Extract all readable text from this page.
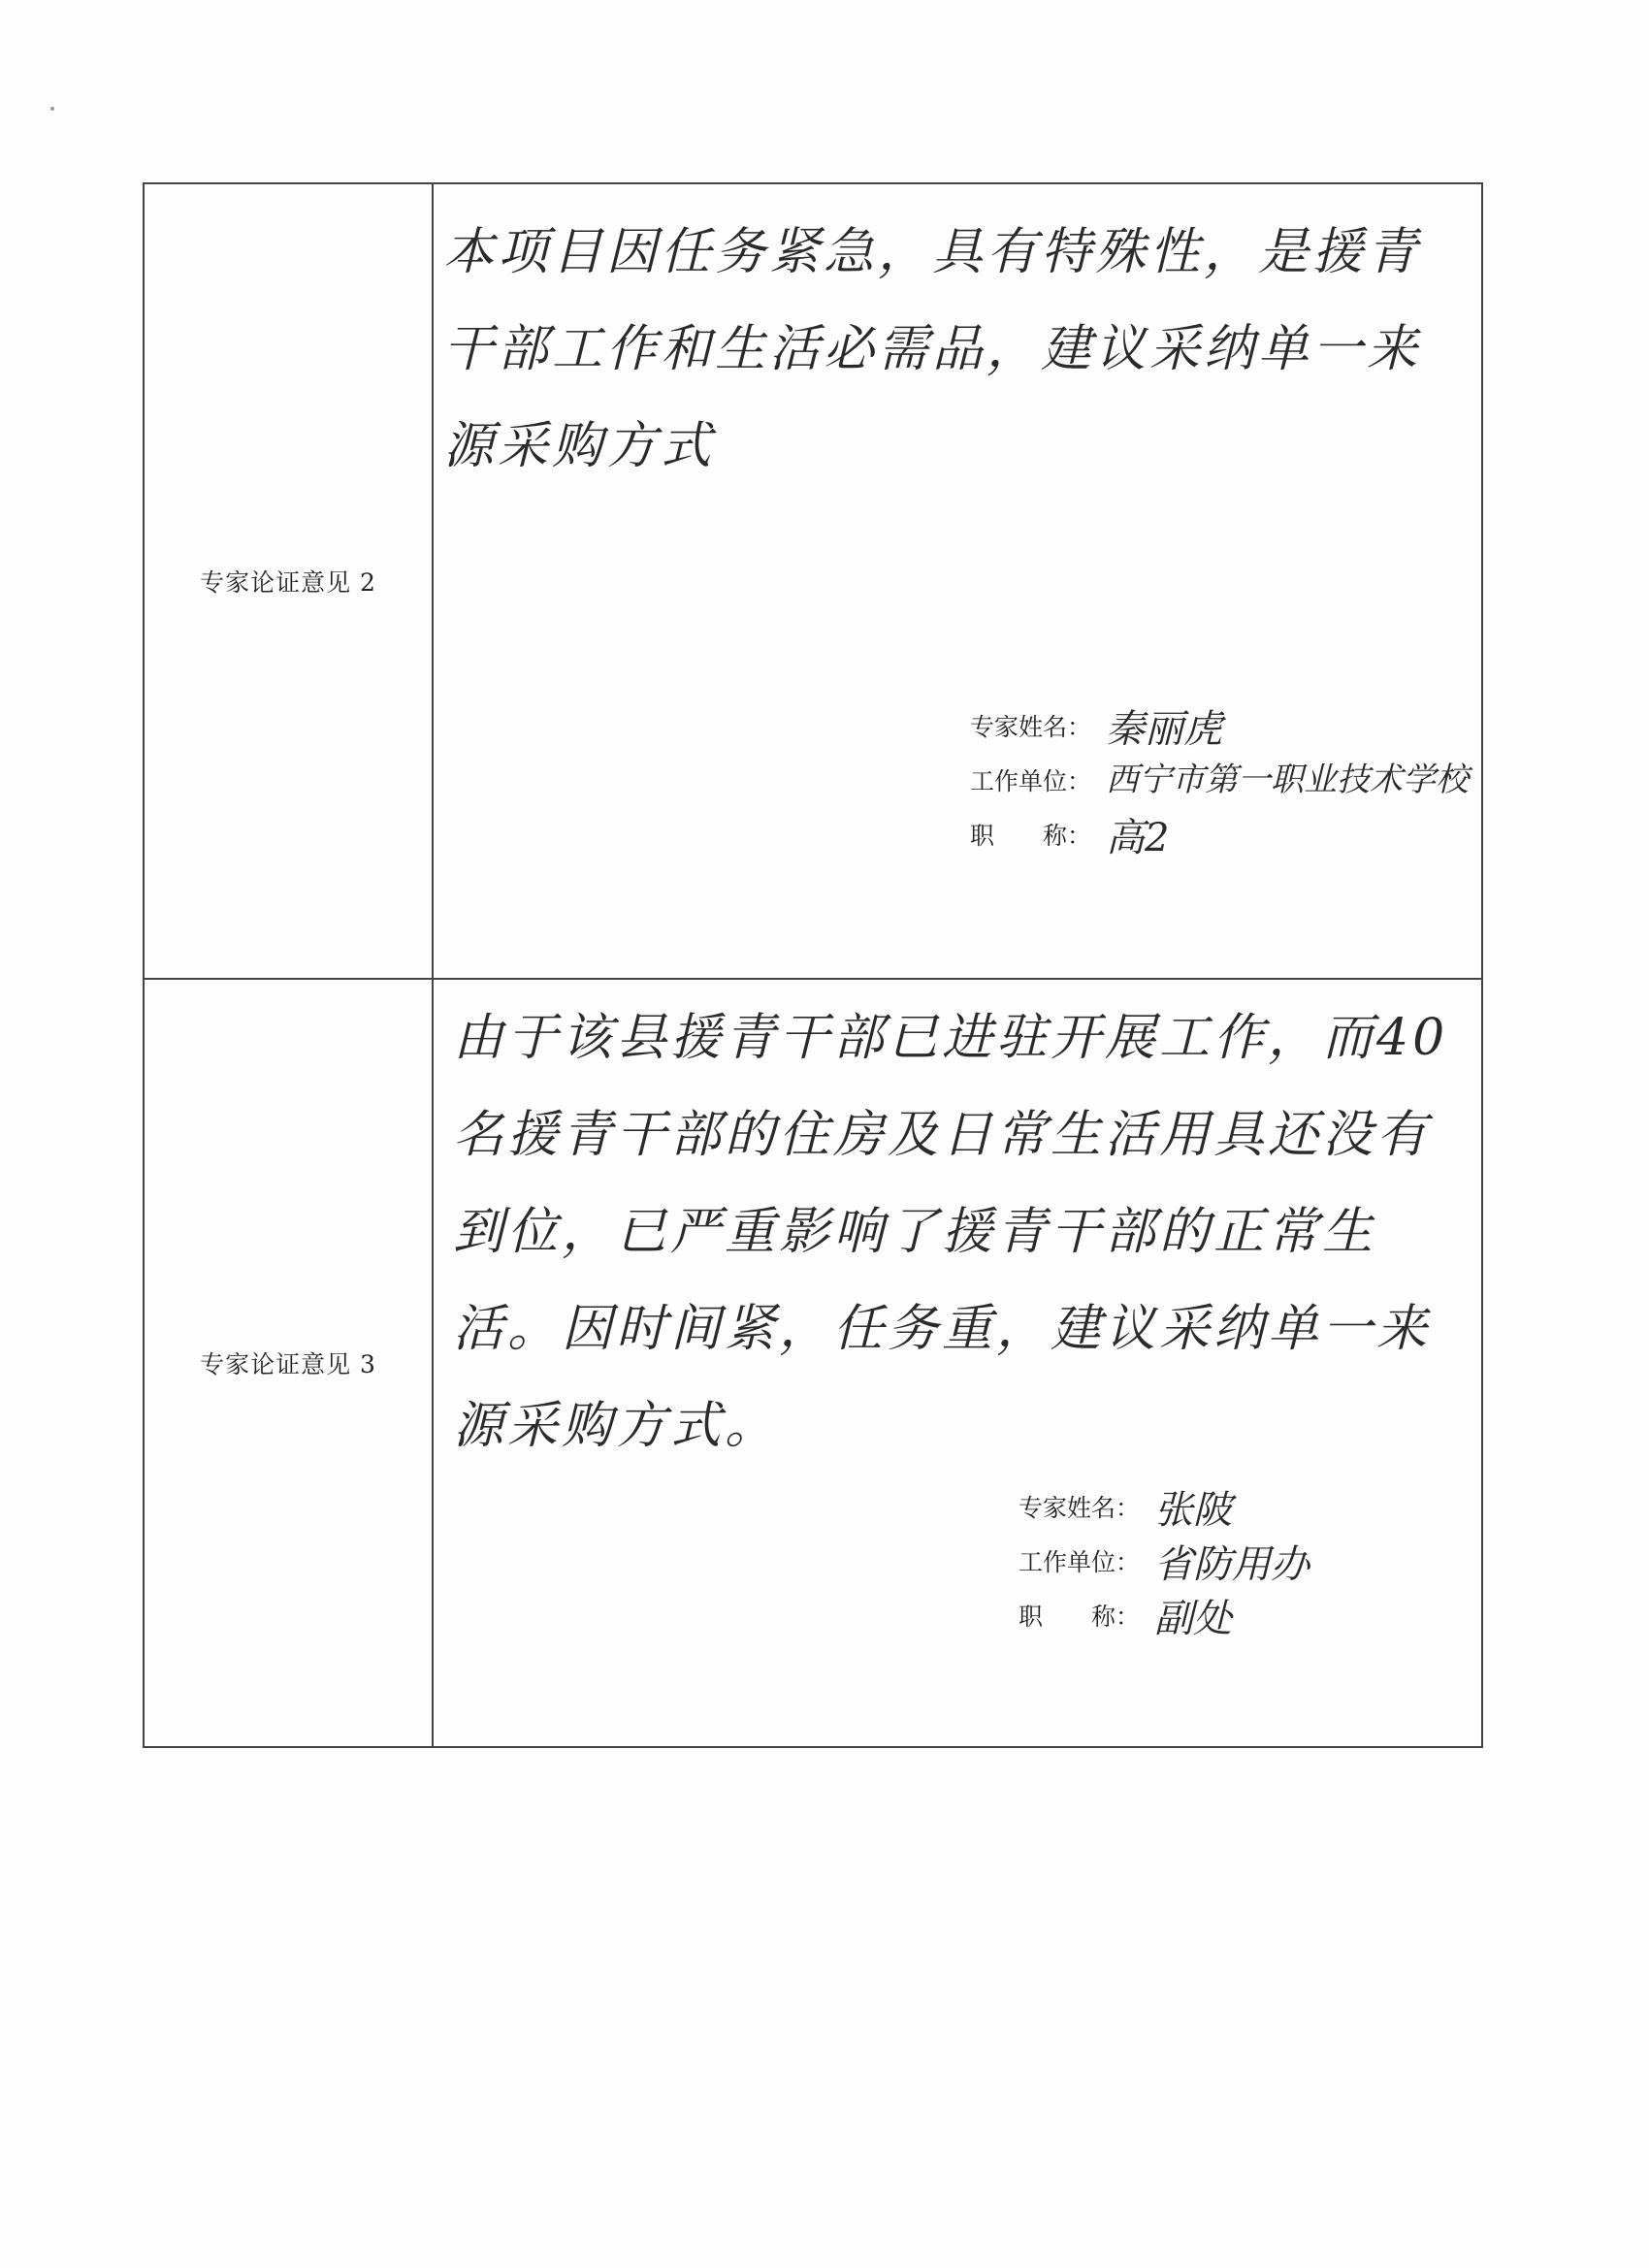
专家论证意见 2
本项目因任务紧急，具有特殊性，是援青干部工作和生活必需品，建议采纳单一来源采购方式
专家姓名： 秦丽虎
工作单位： 西宁市第一职业技术学校
职　　称： 高2
专家论证意见 3
由于该县援青干部已进驻开展工作，而40名援青干部的住房及日常生活用具还没有到位，已严重影响了援青干部的正常生活。因时间紧，任务重，建议采纳单一来源采购方式。
专家姓名： 张陂
工作单位： 省防用办
职　　称： 副处
